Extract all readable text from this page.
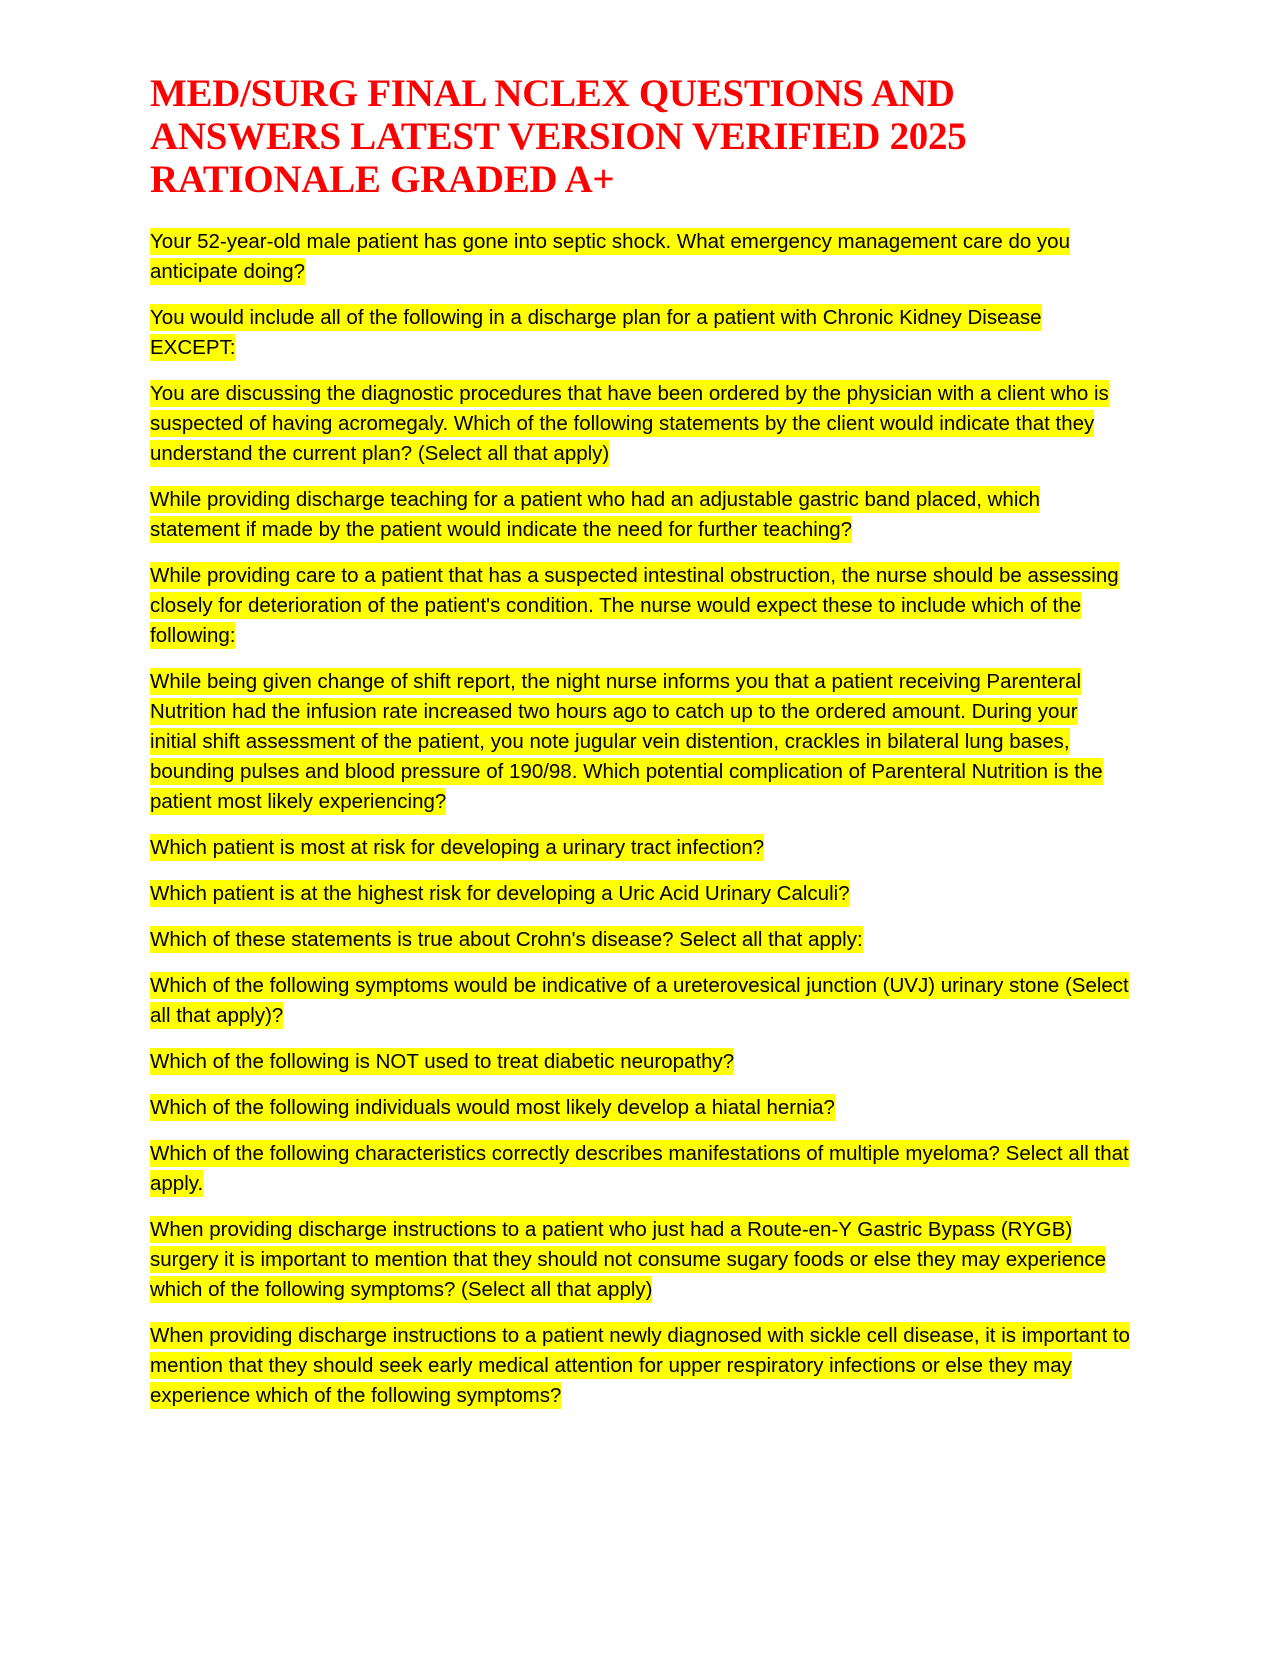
MED/SURG FINAL NCLEX QUESTIONS AND
ANSWERS LATEST VERSION VERIFIED 2025
RATIONALE GRADED A+
Your 52-year-old male patient has gone into septic shock. What emergency management care do you anticipate doing?
You would include all of the following in a discharge plan for a patient with Chronic Kidney Disease EXCEPT:
You are discussing the diagnostic procedures that have been ordered by the physician with a client who is suspected of having acromegaly. Which of the following statements by the client would indicate that they understand the current plan? (Select all that apply)
While providing discharge teaching for a patient who had an adjustable gastric band placed, which statement if made by the patient would indicate the need for further teaching?
While providing care to a patient that has a suspected intestinal obstruction, the nurse should be assessing closely for deterioration of the patient's condition. The nurse would expect these to include which of the following:
While being given change of shift report, the night nurse informs you that a patient receiving Parenteral Nutrition had the infusion rate increased two hours ago to catch up to the ordered amount. During your initial shift assessment of the patient, you note jugular vein distention, crackles in bilateral lung bases, bounding pulses and blood pressure of 190/98. Which potential complication of Parenteral Nutrition is the patient most likely experiencing?
Which patient is most at risk for developing a urinary tract infection?
Which patient is at the highest risk for developing a Uric Acid Urinary Calculi?
Which of these statements is true about Crohn's disease? Select all that apply:
Which of the following symptoms would be indicative of a ureterovesical junction (UVJ) urinary stone (Select all that apply)?
Which of the following is NOT used to treat diabetic neuropathy?
Which of the following individuals would most likely develop a hiatal hernia?
Which of the following characteristics correctly describes manifestations of multiple myeloma? Select all that apply.
When providing discharge instructions to a patient who just had a Route-en-Y Gastric Bypass (RYGB) surgery it is important to mention that they should not consume sugary foods or else they may experience which of the following symptoms? (Select all that apply)
When providing discharge instructions to a patient newly diagnosed with sickle cell disease, it is important to mention that they should seek early medical attention for upper respiratory infections or else they may experience which of the following symptoms?
